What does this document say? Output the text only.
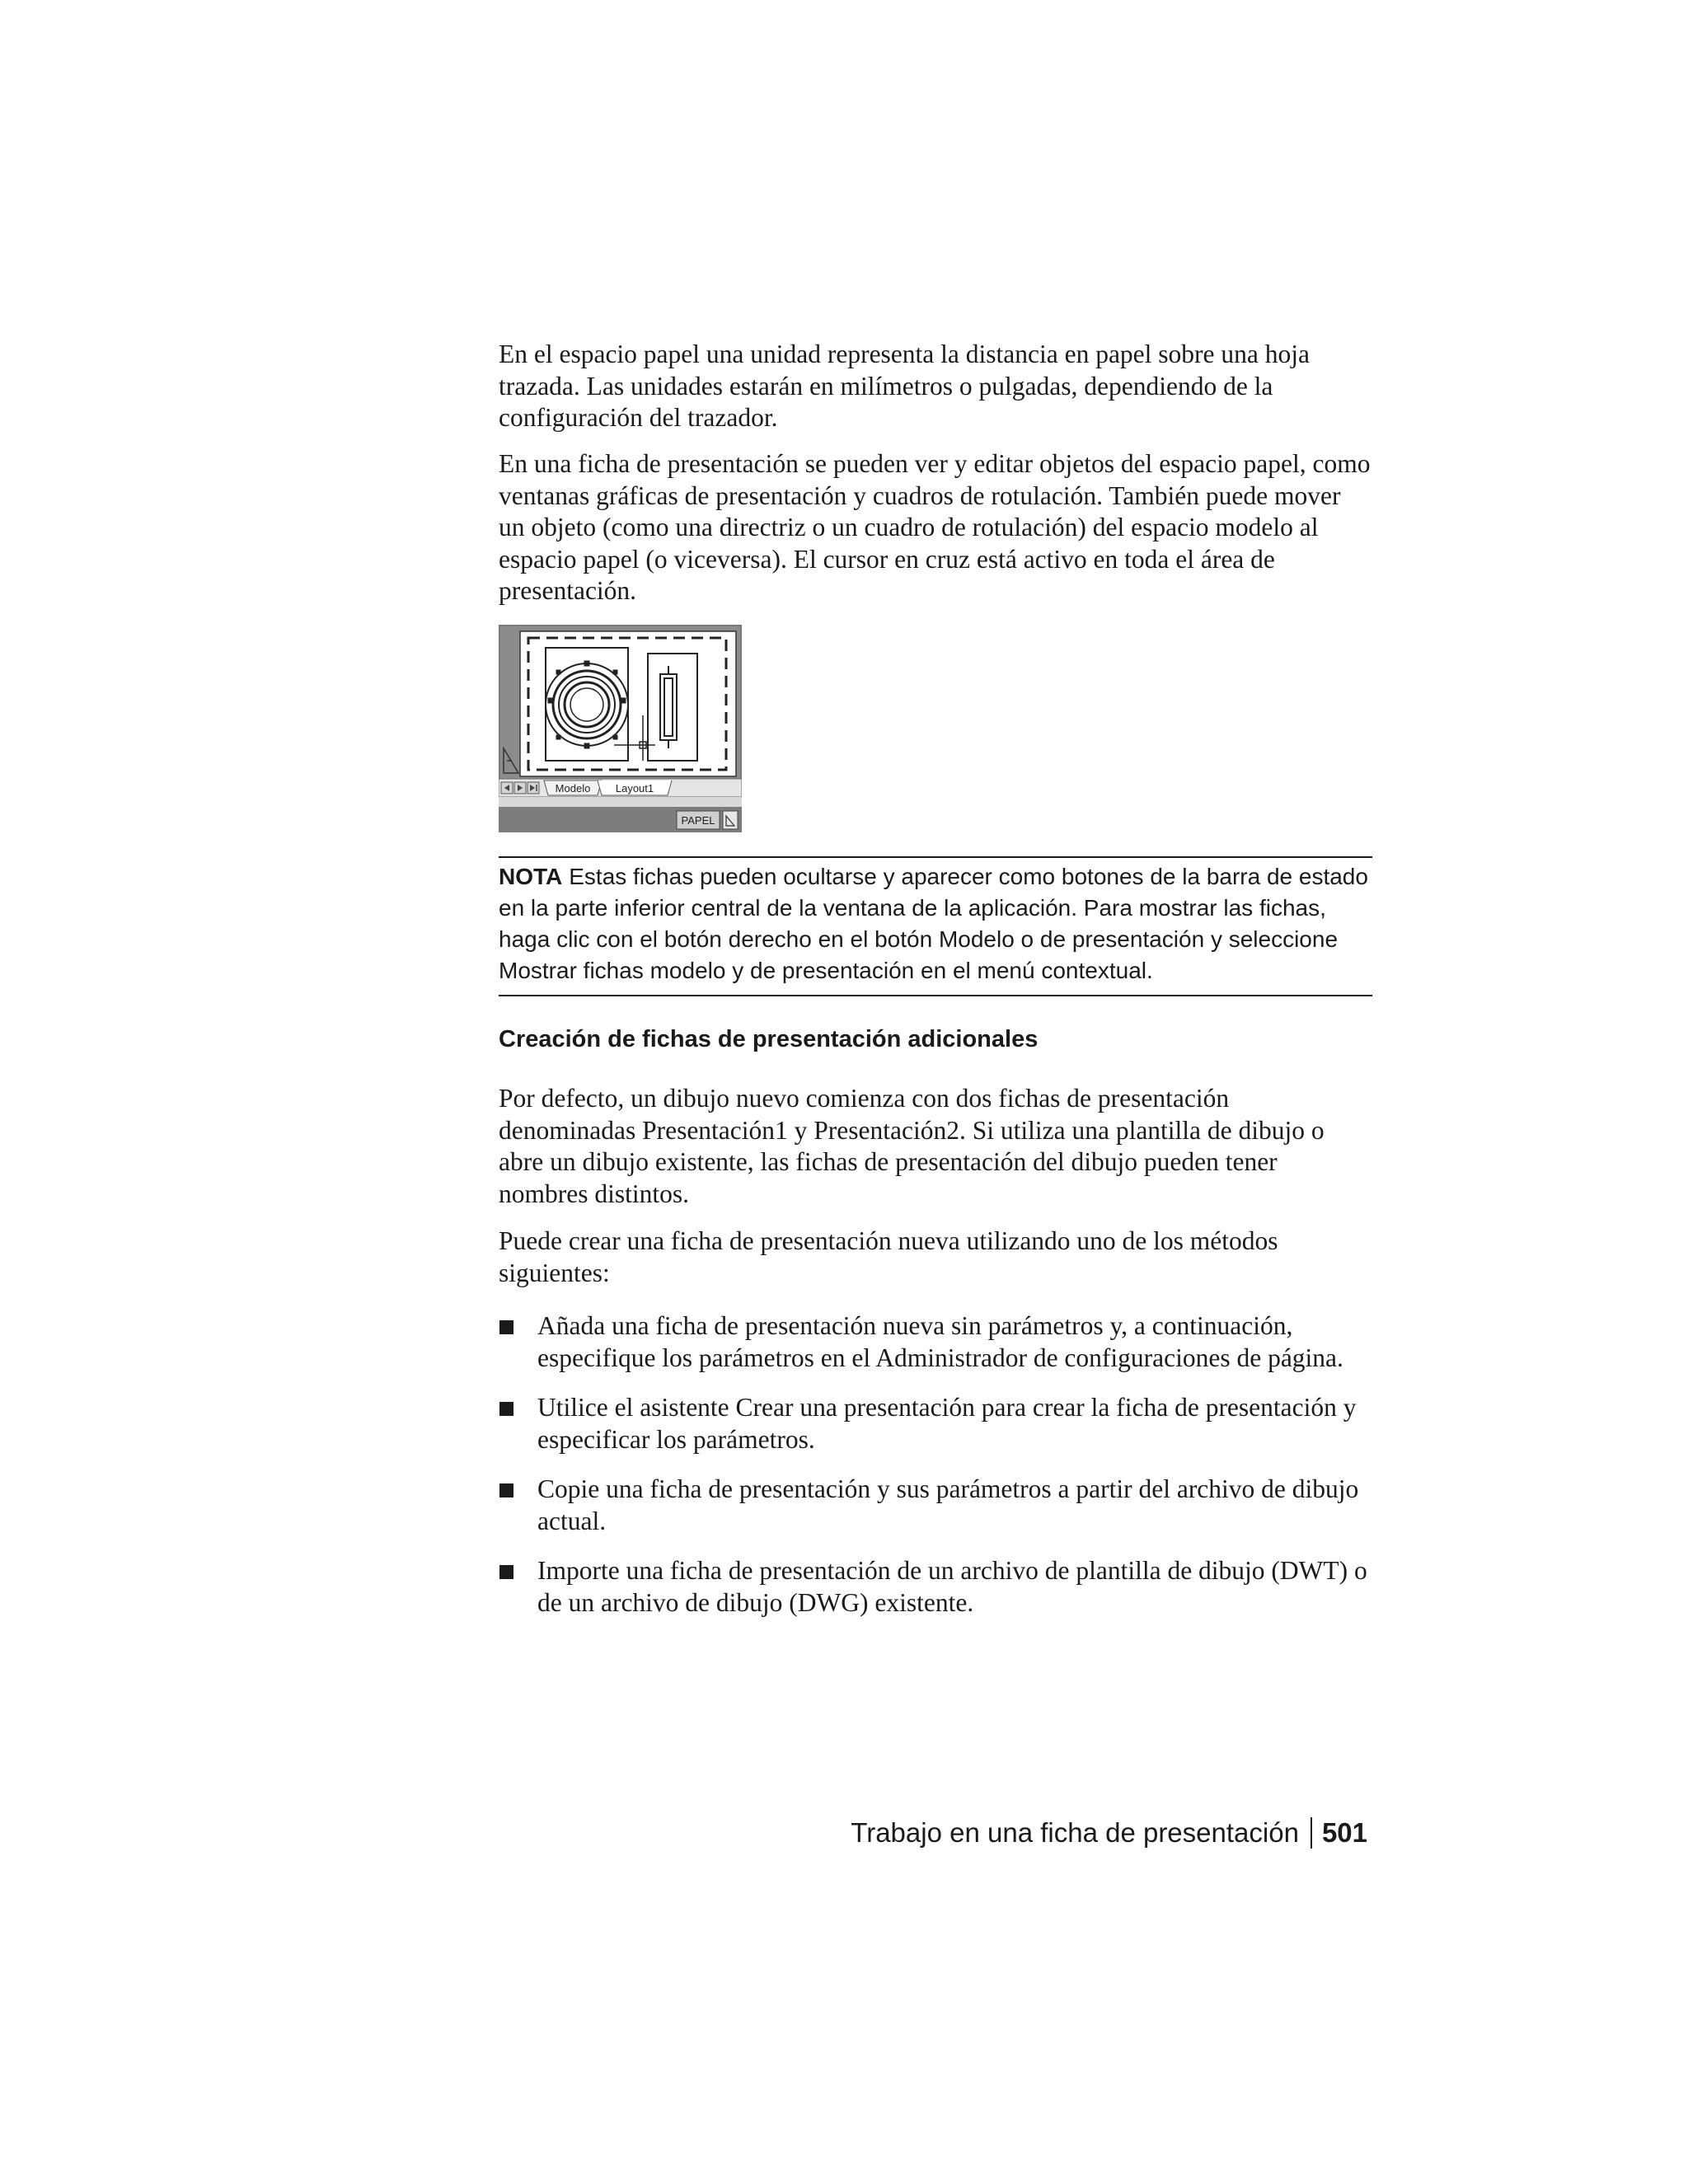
En el espacio papel una unidad representa la distancia en papel sobre una hoja trazada. Las unidades estarán en milímetros o pulgadas, dependiendo de la configuración del trazador.

En una ficha de presentación se pueden ver y editar objetos del espacio papel, como ventanas gráficas de presentación y cuadros de rotulación. También puede mover un objeto (como una directriz o un cuadro de rotulación) del espacio modelo al espacio papel (o viceversa). El cursor en cruz está activo en toda el área de presentación.

Modelo Layout1
PAPEL

NOTA Estas fichas pueden ocultarse y aparecer como botones de la barra de estado en la parte inferior central de la ventana de la aplicación. Para mostrar las fichas, haga clic con el botón derecho en el botón Modelo o de presentación y seleccione Mostrar fichas modelo y de presentación en el menú contextual.

Creación de fichas de presentación adicionales

Por defecto, un dibujo nuevo comienza con dos fichas de presentación denominadas Presentación1 y Presentación2. Si utiliza una plantilla de dibujo o abre un dibujo existente, las fichas de presentación del dibujo pueden tener nombres distintos.

Puede crear una ficha de presentación nueva utilizando uno de los métodos siguientes:

Añada una ficha de presentación nueva sin parámetros y, a continuación, especifique los parámetros en el Administrador de configuraciones de página.
Utilice el asistente Crear una presentación para crear la ficha de presentación y especificar los parámetros.
Copie una ficha de presentación y sus parámetros a partir del archivo de dibujo actual.
Importe una ficha de presentación de un archivo de plantilla de dibujo (DWT) o de un archivo de dibujo (DWG) existente.
Trabajo en una ficha de presentación 501
